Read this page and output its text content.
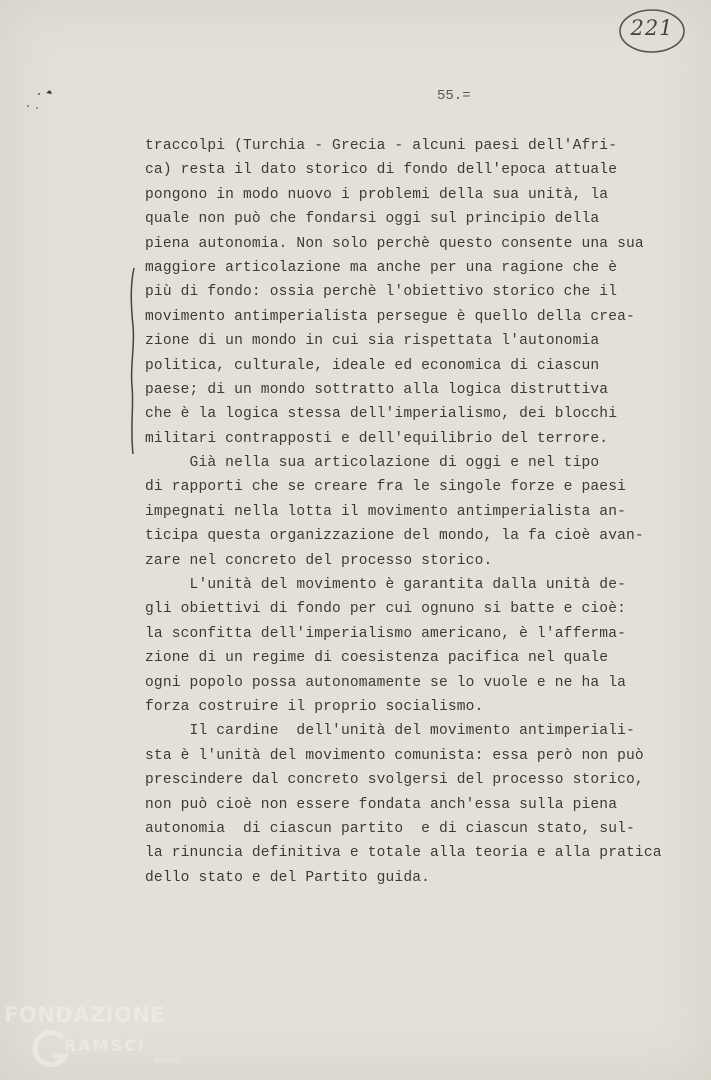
221
55.=
traccolpi (Turchia - Grecia - alcuni paesi dell'Afri-
ca) resta il dato storico di fondo dell'epoca attuale
pongono in modo nuovo i problemi della sua unità, la
quale non può che fondarsi oggi sul principio della
piena autonomia. Non solo perchè questo consente una sua
maggiore articolazione ma anche per una ragione che è
più di fondo: ossia perchè l'obiettivo storico che il
movimento antimperialista persegue è quello della crea-
zione di un mondo in cui sia rispettata l'autonomia
politica, culturale, ideale ed economica di ciascun
paese; di un mondo sottratto alla logica distruttiva
che è la logica stessa dell'imperialismo, dei blocchi
militari contrapposti e dell'equilibrio del terrore.
Già nella sua articolazione di oggi e nel tipo
di rapporti che se creare fra le singole forze e paesi
impegnati nella lotta il movimento antimperialista an-
ticipa questa organizzazione del mondo, la fa cioè avan-
zare nel concreto del processo storico.
L'unità del movimento è garantita dalla unità de-
gli obiettivi di fondo per cui ognuno si batte e cioè:
la sconfitta dell'imperialismo americano, è l'afferma-
zione di un regime di coesistenza pacifica nel quale
ogni popolo possa autonomamente se lo vuole e ne ha la
forza costruire il proprio socialismo.
Il cardine  dell'unità del movimento antimperiali-
sta è l'unità del movimento comunista: essa però non può
prescindere dal concreto svolgersi del processo storico,
non può cioè non essere fondata anch'essa sulla piena
autonomia  di ciascun partito  e di ciascun stato, sul-
la rinuncia definitiva e totale alla teoria e alla pratica
dello stato e del Partito guida.
FONDAZIONE
RAMSCI
onlus
